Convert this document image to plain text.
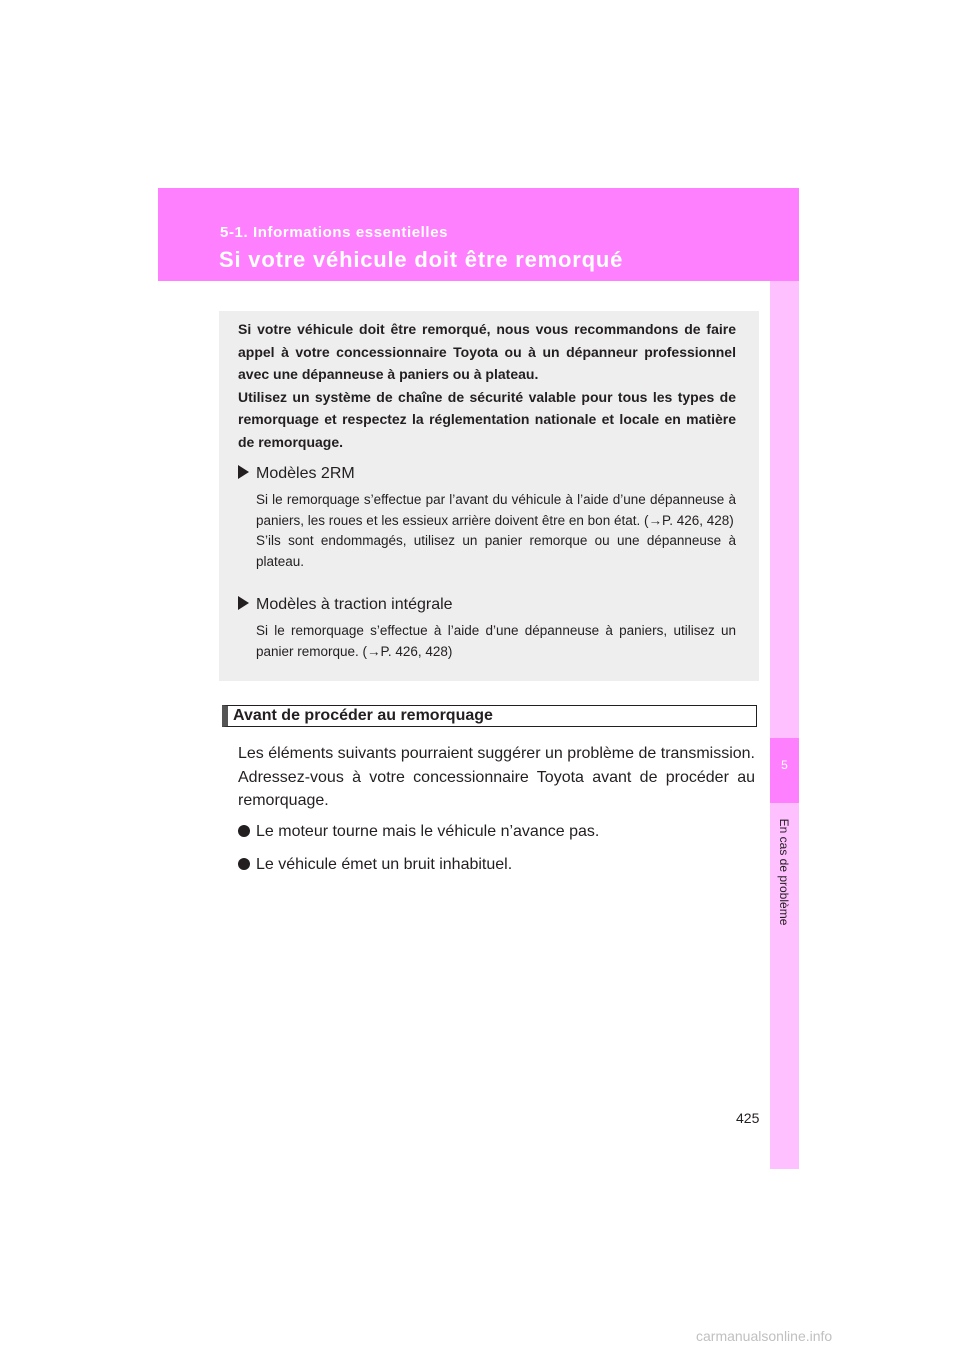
5-1. Informations essentielles
Si votre véhicule doit être remorqué
5
En cas de problème

Si votre véhicule doit être remorqué, nous vous recommandons de faire appel à votre concessionnaire Toyota ou à un dépanneur professionnel avec une dépanneuse à paniers ou à plateau.

Utilisez un système de chaîne de sécurité valable pour tous les types de remorquage et respectez la réglementation nationale et locale en matière de remorquage.

Modèles 2RM

Si le remorquage s’effectue par l’avant du véhicule à l’aide d’une dépanneuse à paniers, les roues et les essieux arrière doivent être en bon état. (→P. 426, 428)

S’ils sont endommagés, utilisez un panier remorque ou une dépanneuse à plateau.

Modèles à traction intégrale

Si le remorquage s’effectue à l’aide d’une dépanneuse à paniers, utilisez un panier remorque. (→P. 426, 428)

Avant de procéder au remorquage
Les éléments suivants pourraient suggérer un problème de transmission. Adressez-vous à votre concessionnaire Toyota avant de procéder au remorquage.
Le moteur tourne mais le véhicule n’avance pas.
Le véhicule émet un bruit inhabituel.
425
carmanualsonline.info
